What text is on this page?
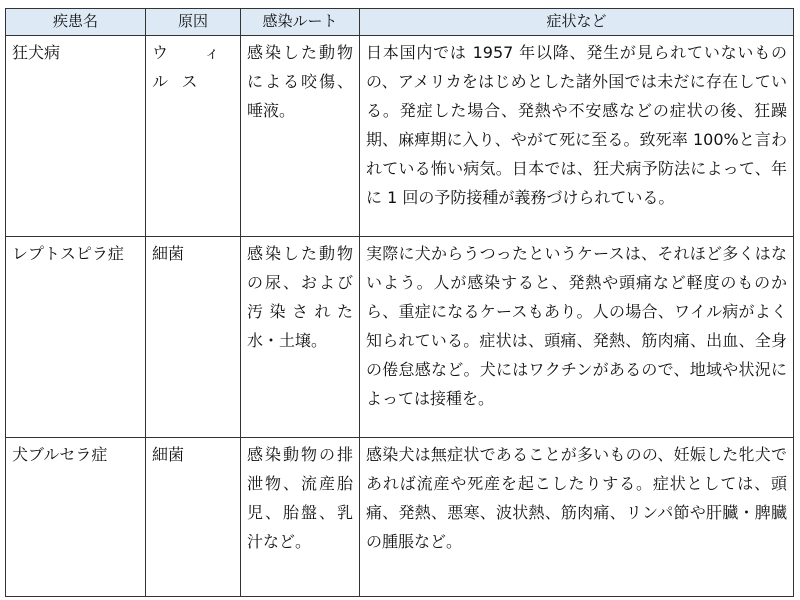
疾患名	原因	感染ルート	症状など
狂犬病	ウィルス	感染した動物による咬傷、唾液。	日本国内では 1957 年以降、発生が見られていないものの、アメリカをはじめとした諸外国では未だに存在している。発症した場合、発熱や不安感などの症状の後、狂躁期、麻痺期に入り、やがて死に至る。致死率 100%と言われている怖い病気。日本では、狂犬病予防法によって、年に 1 回の予防接種が義務づけられている。
レプトスピラ症	細菌	感染した動物の尿、および汚染された水・土壌。	実際に犬からうつったというケースは、それほど多くはないよう。人が感染すると、発熱や頭痛など軽度のものから、重症になるケースもあり。人の場合、ワイル病がよく知られている。症状は、頭痛、発熱、筋肉痛、出血、全身の倦怠感など。犬にはワクチンがあるので、地域や状況によっては接種を。
犬ブルセラ症	細菌	感染動物の排泄物、流産胎児、胎盤、乳汁など。	感染犬は無症状であることが多いものの、妊娠した牝犬であれば流産や死産を起こしたりする。症状としては、頭痛、発熱、悪寒、波状熱、筋肉痛、リンパ節や肝臓・脾臓の腫脹など。
